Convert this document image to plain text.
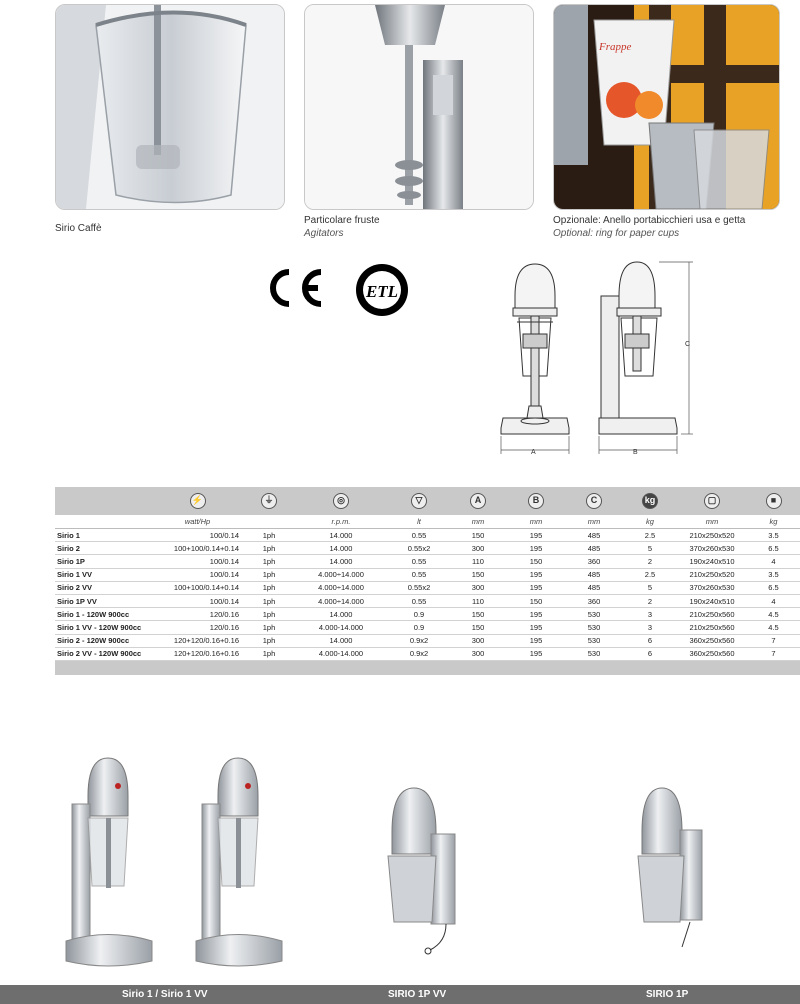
Sirio Caffè
Particolare fruste
Agitators
Frappe
Opzionale: Anello portabicchieri usa e getta
Optional: ring for paper cups
ETL
A	B
C
	⚡	⏚	◎	▽	A	B	C	kg	▢	■
	watt/Hp		r.p.m.	lt	mm	mm	mm	kg	mm	kg
Sirio 1	100/0.14	1ph	14.000	0.55	150	195	485	2.5	210x250x520	3.5
Sirio 2	100+100/0.14+0.14	1ph	14.000	0.55x2	300	195	485	5	370x260x530	6.5
Sirio 1P	100/0.14	1ph	14.000	0.55	110	150	360	2	190x240x510	4
Sirio 1 VV	100/0.14	1ph	4.000÷14.000	0.55	150	195	485	2.5	210x250x520	3.5
Sirio 2 VV	100+100/0.14+0.14	1ph	4.000÷14.000	0.55x2	300	195	485	5	370x260x530	6.5
Sirio 1P VV	100/0.14	1ph	4.000÷14.000	0.55	110	150	360	2	190x240x510	4
Sirio 1 - 120W 900cc	120/0.16	1ph	14.000	0.9	150	195	530	3	210x250x560	4.5
Sirio 1 VV - 120W 900cc	120/0.16	1ph	4.000-14.000	0.9	150	195	530	3	210x250x560	4.5
Sirio 2 - 120W 900cc	120+120/0.16+0.16	1ph	14.000	0.9x2	300	195	530	6	360x250x560	7
Sirio 2 VV - 120W 900cc	120+120/0.16+0.16	1ph	4.000-14.000	0.9x2	300	195	530	6	360x250x560	7

Sirio 1 / Sirio 1 VV	SIRIO 1P VV	SIRIO 1P
